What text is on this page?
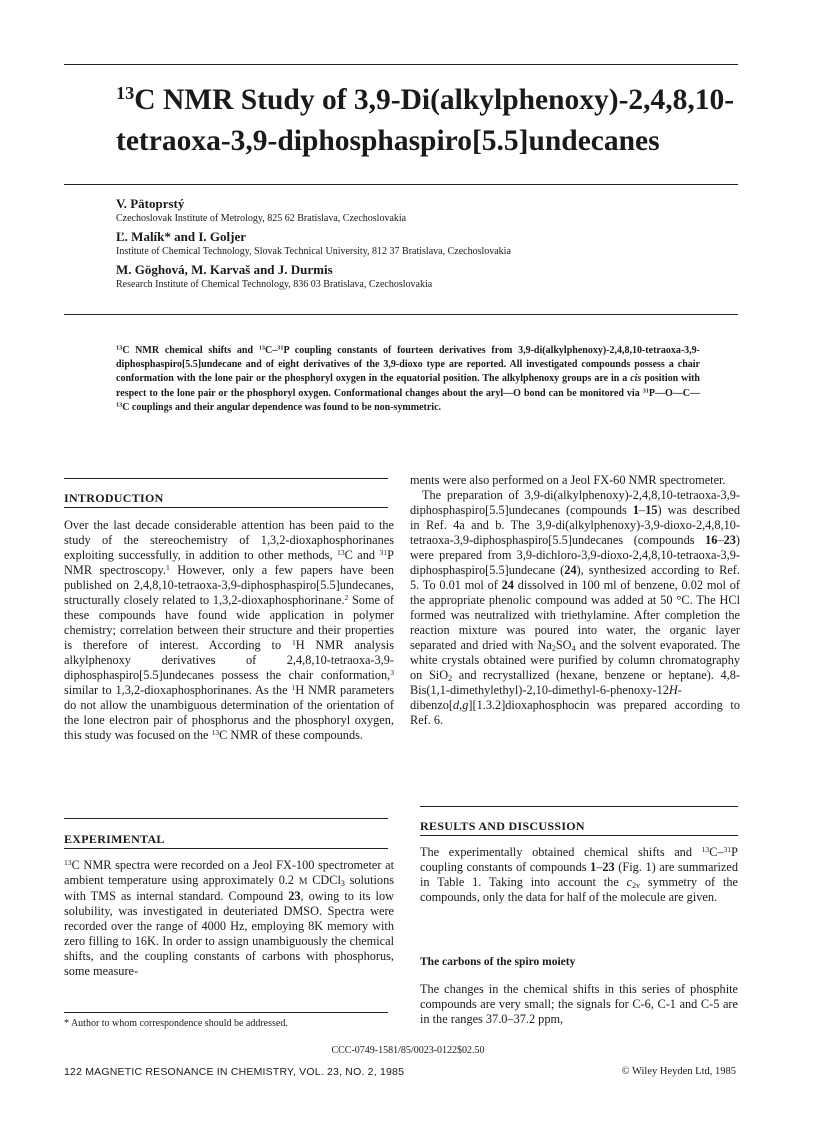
$^{13}$C NMR Study of 3,9-Di(alkylphenoxy)-2,4,8,10-
tetraoxa-3,9-diphosphaspiro[5.5]undecanes
V. Pätoprstý
Czechoslovak Institute of Metrology, 825 62 Bratislava, Czechoslovakia
Ľ. Malík* and I. Goljer
Institute of Chemical Technology, Slovak Technical University, 812 37 Bratislava, Czechoslovakia
M. Göghová, M. Karvaš and J. Durmis
Research Institute of Chemical Technology, 836 03 Bratislava, Czechoslovakia

$^{13}$C NMR chemical shifts and $^{13}$C–$^{31}$P coupling constants of fourteen derivatives from 3,9-di(alkylphenoxy)-2,4,8,10-tetraoxa-3,9-diphosphaspiro[5.5]undecane and of eight derivatives of the 3,9-dioxo type are reported. All investigated compounds possess a chair conformation with the lone pair or the phosphoryl oxygen in the equatorial position. The alkylphenoxy groups are in a cis position with respect to the lone pair or the phosphoryl oxygen. Conformational changes about the aryl—O bond can be monitored via $^{31}$P—O—C—$^{13}$C couplings and their angular dependence was found to be non-symmetric.

INTRODUCTION

Over the last decade considerable attention has been paid to the study of the stereochemistry of 1,3,2-dioxaphosphorinanes exploiting successfully, in addition to other methods, $^{13}$C and $^{31}$P NMR spectroscopy.$^1$ However, only a few papers have been published on 2,4,8,10-tetraoxa-3,9-diphosphaspiro[5.5]undecanes, structurally closely related to 1,3,2-dioxaphosphorinane.$^2$ Some of these compounds have found wide application in polymer chemistry; correlation between their structure and their properties is therefore of interest. According to $^1$H NMR analysis alkylphenoxy derivatives of 2,4,8,10-tetraoxa-3,9-diphosphaspiro[5.5]undecanes possess the chair conformation,$^3$ similar to 1,3,2-dioxaphosphorinanes. As the $^1$H NMR parameters do not allow the unambiguous determination of the orientation of the lone electron pair of phosphorus and the phosphoryl oxygen, this study was focused on the $^{13}$C NMR of these compounds.

EXPERIMENTAL

$^{13}$C NMR spectra were recorded on a Jeol FX-100 spectrometer at ambient temperature using approximately 0.2 M CDCl$_3$ solutions with TMS as internal standard. Compound 23, owing to its low solubility, was investigated in deuteriated DMSO. Spectra were recorded over the range of 4000 Hz, employing 8K memory with zero filling to 16K. In order to assign unambiguously the chemical shifts, and the coupling constants of carbons with phosphorus, some measure-

* Author to whom correspondence should be addressed.

ments were also performed on a Jeol FX-60 NMR spectrometer.

The preparation of 3,9-di(alkylphenoxy)-2,4,8,10-tetraoxa-3,9-diphosphaspiro[5.5]undecanes (compounds 1–15) was described in Ref. 4a and b. The 3,9-di(alkylphenoxy)-3,9-dioxo-2,4,8,10-tetraoxa-3,9-diphosphaspiro[5.5]undecanes (compounds 16–23) were prepared from 3,9-dichloro-3,9-dioxo-2,4,8,10-tetraoxa-3,9-diphosphaspiro[5.5]undecane (24), synthesized according to Ref. 5. To 0.01 mol of 24 dissolved in 100 ml of benzene, 0.02 mol of the appropriate phenolic compound was added at 50 °C. The HCl formed was neutralized with triethylamine. After completion the reaction mixture was poured into water, the organic layer separated and dried with $Na_2SO_4$ and the solvent evaporated. The white crystals obtained were purified by column chromatography on SiO$_2$ and recrystallized (hexane, benzene or heptane). 4,8-Bis(1,1-dimethylethyl)-2,10-dimethyl-6-phenoxy-12H-dibenzo[d,g][1.3.2]dioxaphosphocin was prepared according to Ref. 6.

RESULTS AND DISCUSSION

The experimentally obtained chemical shifts and $^{13}$C–$^{31}$P coupling constants of compounds 1–23 (Fig. 1) are summarized in Table 1. Taking into account the $c_{2v}$ symmetry of the compounds, only the data for half of the molecule are given.

The carbons of the spiro moiety

The changes in the chemical shifts in this series of phosphite compounds are very small; the signals for C-6, C-1 and C-5 are in the ranges 37.0–37.2 ppm,

CCC-0749-1581/85/0023-0122$02.50
122 MAGNETIC RESONANCE IN CHEMISTRY, VOL. 23, NO. 2, 1985	© Wiley Heyden Ltd, 1985
